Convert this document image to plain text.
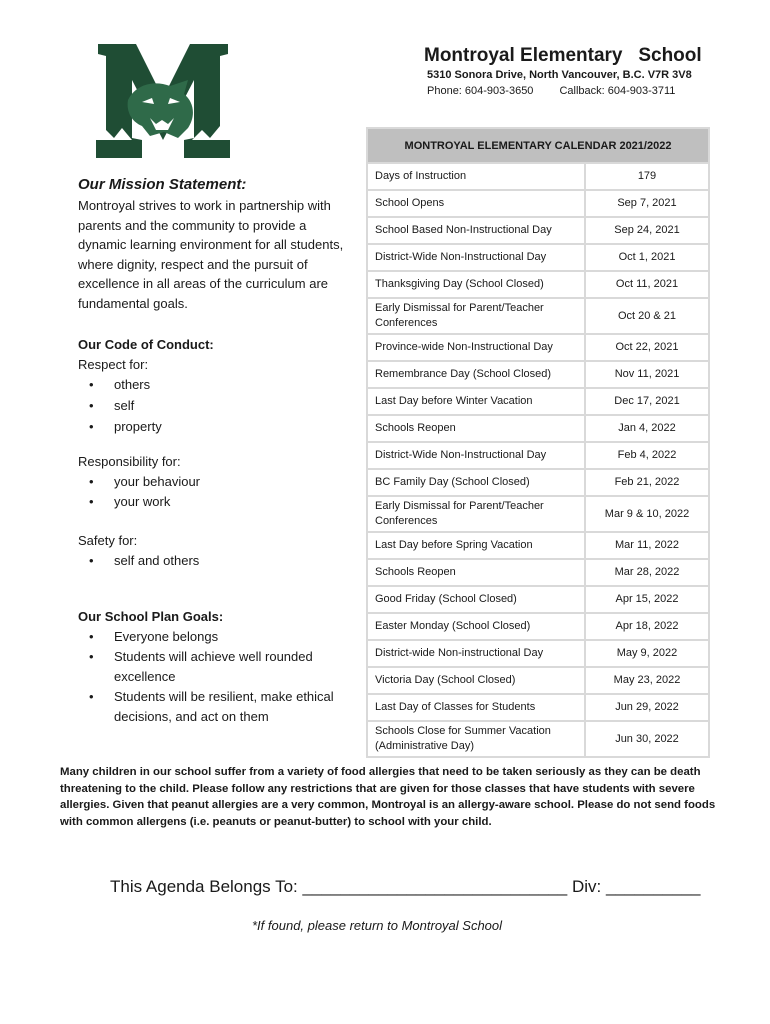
Montroyal Elementary   School
5310 Sonora Drive, North Vancouver, B.C. V7R 3V8
Phone: 604-903-3650 Callback: 604-903-3711
MONTROYAL ELEMENTARY CALENDAR 2021/2022	
Days of Instruction	179
School Opens	Sep 7, 2021
School Based Non-Instructional Day	Sep 24, 2021
District-Wide Non-Instructional Day	Oct 1, 2021
Thanksgiving Day (School Closed)	Oct 11, 2021
Early Dismissal for Parent/Teacher Conferences	Oct 20 & 21
Province-wide Non-Instructional Day	Oct 22, 2021
Remembrance Day (School Closed)	Nov 11, 2021
Last Day before Winter Vacation	Dec 17, 2021
Schools Reopen	Jan 4, 2022
District-Wide Non-Instructional Day	Feb 4, 2022
BC Family Day (School Closed)	Feb 21, 2022
Early Dismissal for Parent/Teacher Conferences	Mar 9 & 10, 2022
Last Day before Spring Vacation	Mar 11, 2022
Schools Reopen	Mar 28, 2022
Good Friday (School Closed)	Apr 15, 2022
Easter Monday (School Closed)	Apr 18, 2022
District-wide Non-instructional Day	May 9, 2022
Victoria Day (School Closed)	May 23, 2022
Last Day of Classes for Students	Jun 29, 2022
Schools Close for Summer Vacation (Administrative Day)	Jun 30, 2022
Our Mission Statement:
Montroyal strives to work in partnership with parents and the community to provide a dynamic learning environment for all students, where dignity, respect and the pursuit of excellence in all areas of the curriculum are fundamental goals.
Our Code of Conduct:
Respect for:
• others
• self
• property
Responsibility for:
• your behaviour
• your work
Safety for:
• self and others
Our School Plan Goals:
• Everyone belongs
• Students will achieve well rounded excellence
• Students will be resilient, make ethical decisions, and act on them
Many children in our school suffer from a variety of food allergies that need to be taken seriously as they can be death threatening to the child. Please follow any restrictions that are given for those classes that have students with severe allergies. Given that peanut allergies are a very common, Montroyal is an allergy-aware school. Please do not send foods with common allergens (i.e. peanuts or peanut-butter) to school with your child.
This Agenda Belongs To: ____________________________ Div: __________
*If found, please return to Montroyal School
